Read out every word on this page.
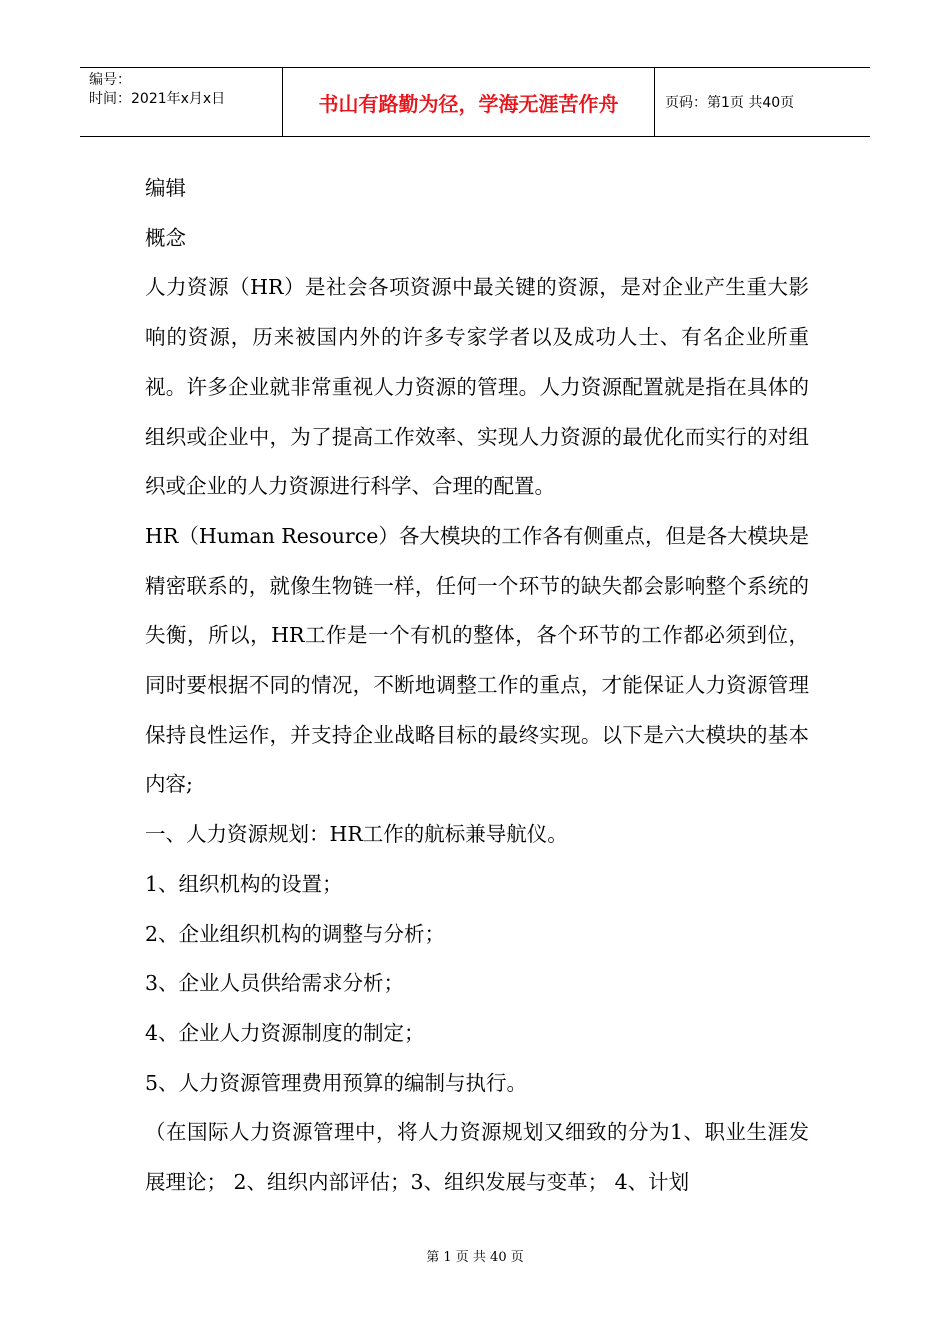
编号：
时间：2021年x月x日	书山有路勤为径，学海无涯苦作舟	页码：第1页 共40页

编辑

概念

人力资源（HR）是社会各项资源中最关键的资源，是对企业产生重大影响的资源，历来被国内外的许多专家学者以及成功人士、有名企业所重视。许多企业就非常重视人力资源的管理。人力资源配置就是指在具体的组织或企业中，为了提高工作效率、实现人力资源的最优化而实行的对组织或企业的人力资源进行科学、合理的配置。

HR（Human Resource）各大模块的工作各有侧重点，但是各大模块是精密联系的，就像生物链一样，任何一个环节的缺失都会影响整个系统的失衡，所以，HR工作是一个有机的整体，各个环节的工作都必须到位，同时要根据不同的情况，不断地调整工作的重点，才能保证人力资源管理保持良性运作，并支持企业战略目标的最终实现。以下是六大模块的基本内容;

一、人力资源规划：HR工作的航标兼导航仪。

1、组织机构的设置；

2、企业组织机构的调整与分析；

3、企业人员供给需求分析；

4、企业人力资源制度的制定；

5、人力资源管理费用预算的编制与执行。

（在国际人力资源管理中，将人力资源规划又细致的分为1、职业生涯发展理论； 2、组织内部评估；3、组织发展与变革； 4、计划

第 1 页 共 40 页
